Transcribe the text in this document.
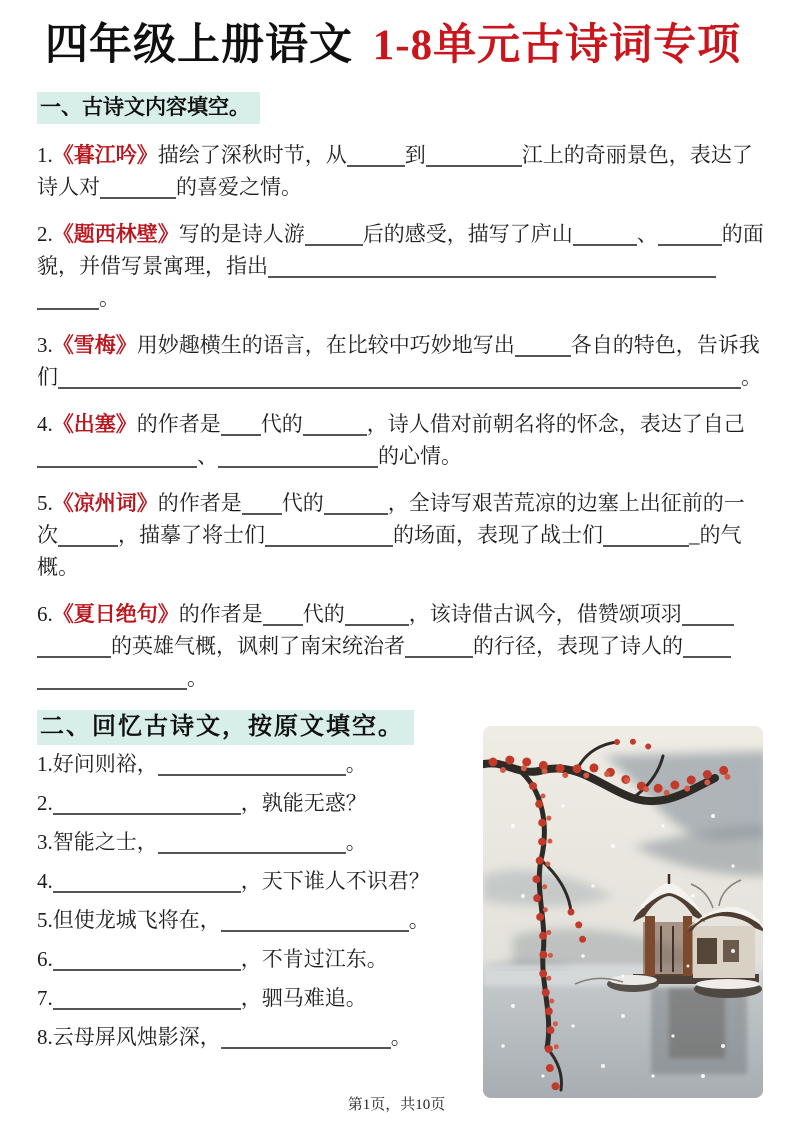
四年级上册语文 1-8单元古诗词专项
一、古诗文内容填空。

1.《暮江吟》描绘了深秋时节，从	到	江上的奇丽景色，表达了诗人对	的喜爱之情。

2.《题西林壁》写的是诗人游	后的感受，描写了庐山	、	的面貌，并借写景寓理，指出。

3.《雪梅》用妙趣横生的语言，在比较中巧妙地写出	各自的特色，告诉我们	。

4.《出塞》的作者是 代的	，诗人借对前朝名将的怀念，表达了自己、	的心情。

5.《凉州词》的作者是 代的	，全诗写艰苦荒凉的边塞上出征前的一次	，描摹了将士们	的场面，表现了战士们	_的气概。

6.《夏日绝句》的作者是 代的	，该诗借古讽今，借赞颂项羽的英雄气概，讽刺了南宋统治者	的行径，表现了诗人的。

二、回忆古诗文，按原文填空。

1.好问则裕，	。

2.	，孰能无惑？

3.智能之士，	。

4.	，天下谁人不识君？

5.但使龙城飞将在，	。

6.	，不肯过江东。

7.	，驷马难追。

8.云母屏风烛影深，	。

第1页，共10页
